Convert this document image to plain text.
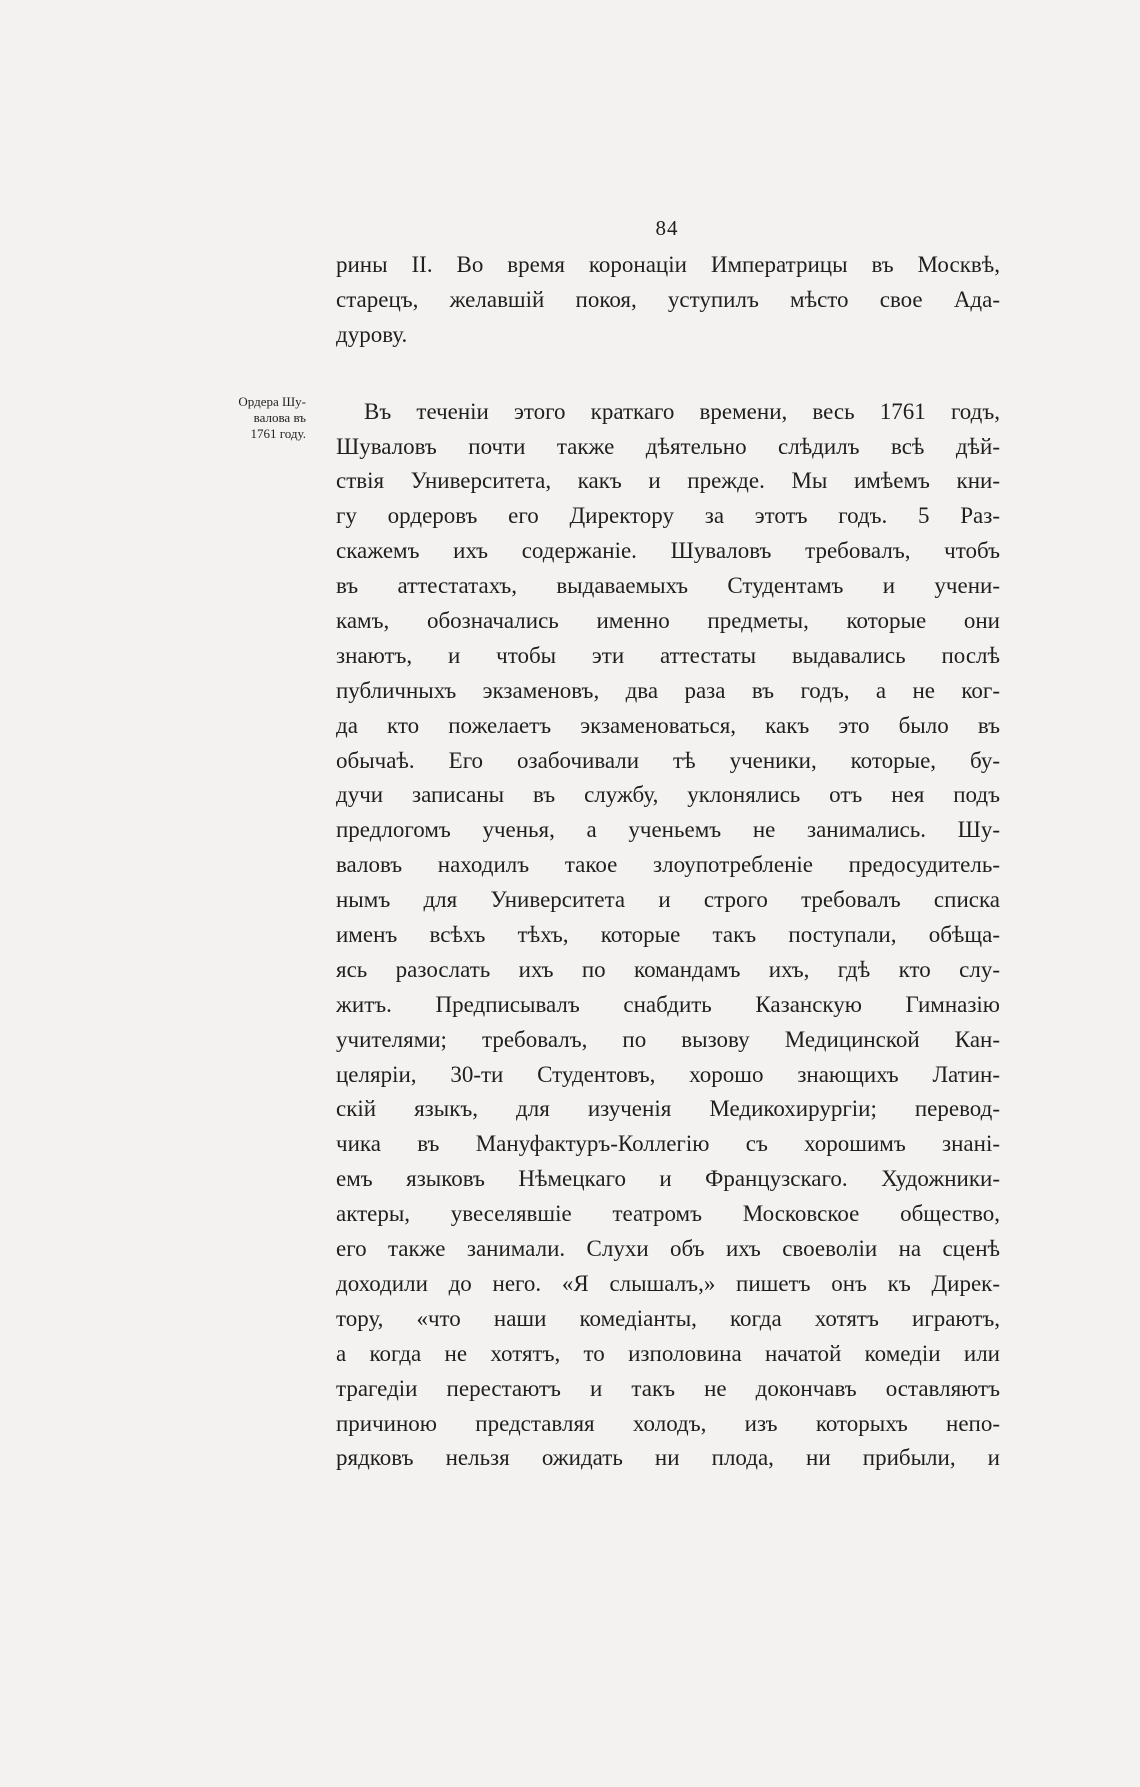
84
Ордера Шу-
валова въ
1761 году.
рины II. Во время коронаціи Императрицы въ Москвѣ,
старецъ, желавшій покоя, уступилъ мѣсто свое Ада-
дурову.
Въ теченіи этого краткаго времени, весь 1761 годъ,
Шуваловъ почти также дѣятельно слѣдилъ всѣ дѣй-
ствія Университета, какъ и прежде. Мы имѣемъ кни-
гу ордеровъ его Директору за этотъ годъ. 5 Раз-
скажемъ ихъ содержаніе. Шуваловъ требовалъ, чтобъ
въ аттестатахъ, выдаваемыхъ Студентамъ и учени-
камъ, обозначались именно предметы, которые они
знаютъ, и чтобы эти аттестаты выдавались послѣ
публичныхъ экзаменовъ, два раза въ годъ, а не ког-
да кто пожелаетъ экзаменоваться, какъ это было въ
обычаѣ. Его озабочивали тѣ ученики, которые, бу-
дучи записаны въ службу, уклонялись отъ нея подъ
предлогомъ ученья, а ученьемъ не занимались. Шу-
валовъ находилъ такое злоупотребленіе предосудитель-
нымъ для Университета и строго требовалъ списка
именъ всѣхъ тѣхъ, которые такъ поступали, обѣща-
ясь разослать ихъ по командамъ ихъ, гдѣ кто слу-
житъ. Предписывалъ снабдить Казанскую Гимназію
учителями; требовалъ, по вызову Медицинской Кан-
целяріи, 30-ти Студентовъ, хорошо знающихъ Латин-
скій языкъ, для изученія Медикохирургіи; перевод-
чика въ Мануфактуръ-Коллегію съ хорошимъ знані-
емъ языковъ Нѣмецкаго и Французскаго. Художники-
актеры, увеселявшіе театромъ Московское общество,
его также занимали. Слухи объ ихъ своеволіи на сценѣ
доходили до него. «Я слышалъ,» пишетъ онъ къ Дирек-
тору, «что наши комедіанты, когда хотятъ играютъ,
а когда не хотятъ, то изполовина начатой комедіи или
трагедіи перестаютъ и такъ не докончавъ оставляютъ
причиною представляя холодъ, изъ которыхъ непо-
рядковъ нельзя ожидать ни плода, ни прибыли, и
